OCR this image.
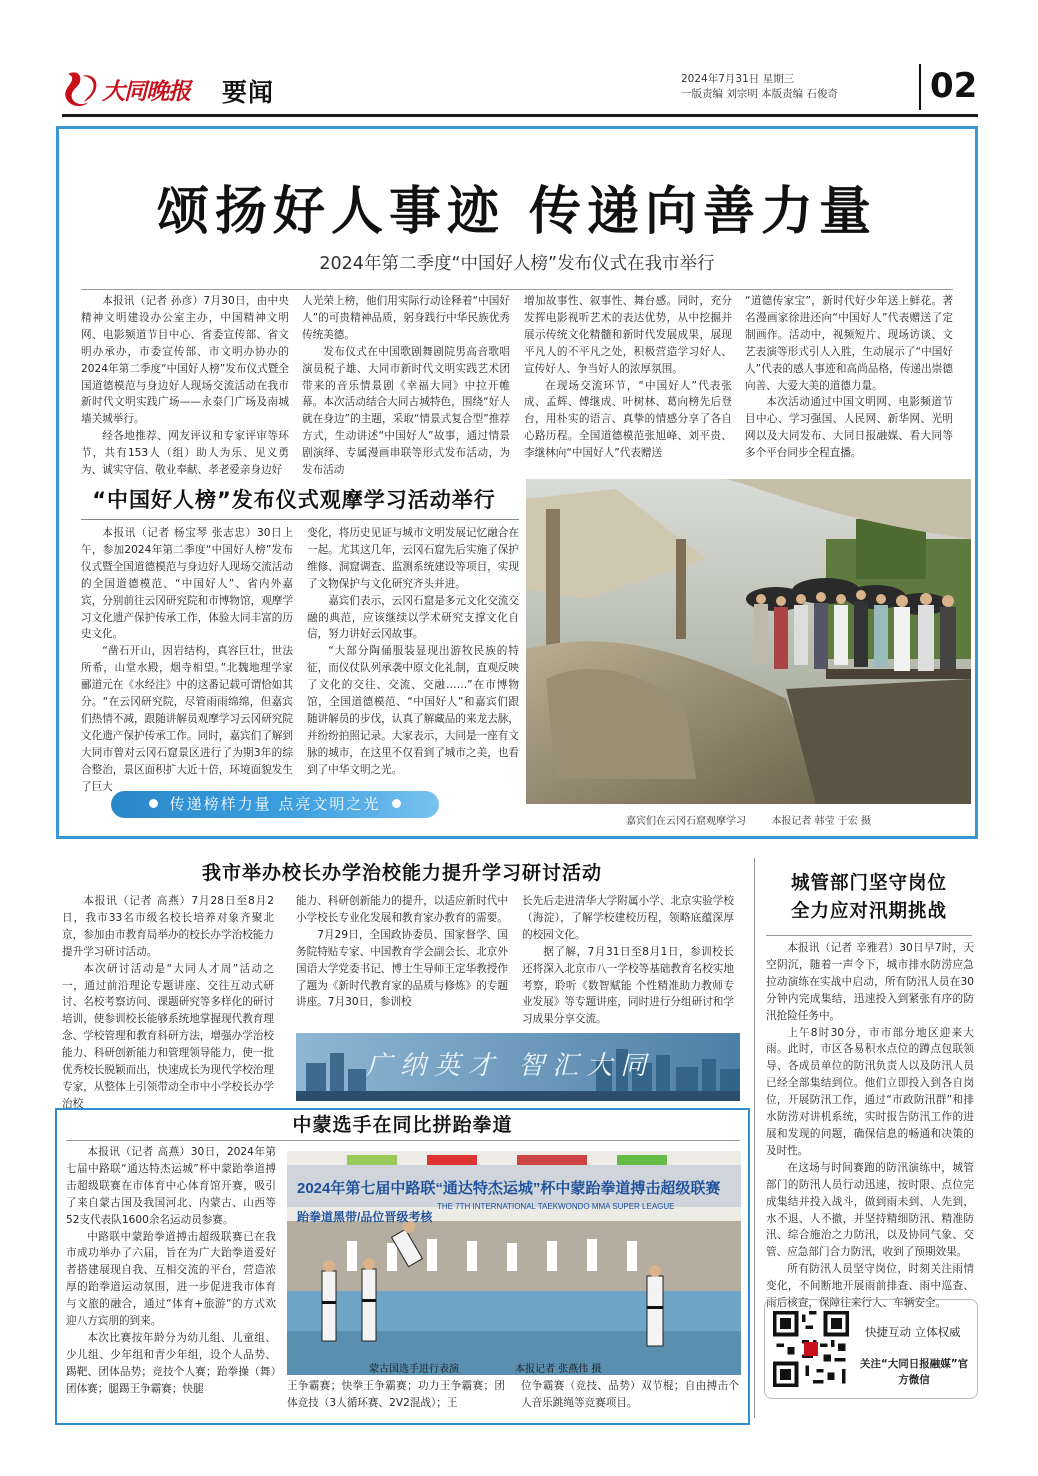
大同晚报 要闻	2024年7月31日 星期三
一版责编 刘宗明 本版责编 石俊奇	02
颂扬好人事迹 传递向善力量
2024年第二季度“中国好人榜”发布仪式在我市举行

本报讯（记者 孙彦）7月30日，由中央精神文明建设办公室主办，中国精神文明网、电影频道节目中心、省委宣传部、省文明办承办，市委宣传部、市文明办协办的2024年第二季度“中国好人榜”发布仪式暨全国道德模范与身边好人现场交流活动在我市新时代文明实践广场——永泰门广场及南城墙关城举行。

经各地推荐、网友评议和专家评审等环节，共有153人（组）助人为乐、见义勇为、诚实守信、敬业奉献、孝老爱亲身边好

人光荣上榜，他们用实际行动诠释着“中国好人”的可贵精神品质，躬身践行中华民族优秀传统美德。

发布仪式在中国歌剧舞剧院男高音歌唱演员税子雄、大同市新时代文明实践艺术团带来的音乐情景剧《幸福大同》中拉开帷幕。本次活动结合大同古城特色，围绕“好人就在身边”的主题，采取“情景式复合型”推荐方式，生动讲述“中国好人”故事，通过情景剧演绎、专属漫画串联等形式发布活动，为发布活动

增加故事性、叙事性、舞台感。同时，充分发挥电影视听艺术的表达优势，从中挖掘并展示传统文化精髓和新时代发展成果，展现平凡人的不平凡之处，积极营造学习好人、宣传好人、争当好人的浓厚氛围。

在现场交流环节，“中国好人”代表张成、孟辉、傅继成、叶树林、葛向榜先后登台，用朴实的语言、真挚的情感分享了各自心路历程。全国道德模范张旭峰、刘平贵、李继林向“中国好人”代表赠送

“道德传家宝”，新时代好少年送上鲜花。著名漫画家徐进还向“中国好人”代表赠送了定制画作。活动中，视频短片、现场访谈、文艺表演等形式引人入胜，生动展示了“中国好人”代表的感人事迹和高尚品格，传递出崇德向善、大爱大美的道德力量。

本次活动通过中国文明网、电影频道节目中心、学习强国、人民网、新华网、光明网以及大同发布、大同日报融媒、看大同等多个平台同步全程直播。

“中国好人榜”发布仪式观摩学习活动举行

本报讯（记者 杨宝琴 张志忠）30日上午，参加2024年第二季度“中国好人榜”发布仪式暨全国道德模范与身边好人现场交流活动的全国道德模范、“中国好人”、省内外嘉宾，分别前往云冈研究院和市博物馆，观摩学习文化遗产保护传承工作，体验大同丰富的历史文化。

“凿石开山，因岩结构，真容巨壮，世法所希，山堂水殿，烟寺相望。”北魏地理学家郦道元在《水经注》中的这番记载可谓恰如其分。“在云冈研究院，尽管雨雨绵绵，但嘉宾们热情不减，跟随讲解员观摩学习云冈研究院文化遗产保护传承工作。同时，嘉宾们了解到大同市曾对云冈石窟景区进行了为期3年的综合整治，景区面积扩大近十倍，环境面貌发生了巨大

变化，将历史见证与城市文明发展记忆融合在一起。尤其这几年，云冈石窟先后实施了保护维修、洞窟调查、监测系统建设等项目，实现了文物保护与文化研究齐头并进。

嘉宾们表示，云冈石窟是多元文化交流交融的典范，应该继续以学术研究支撑文化自信，努力讲好云冈故事。

“大部分陶俑服装显现出游牧民族的特征，而仪仗队列承袭中原文化礼制，直观反映了文化的交往、交流、交融……”在市博物馆，全国道德模范、“中国好人”和嘉宾们跟随讲解员的步伐，认真了解藏品的来龙去脉，并纷纷拍照记录。大家表示，大同是一座有文脉的城市，在这里不仅看到了城市之美，也看到了中华文明之光。

传递榜样力量 点亮文明之光
嘉宾们在云冈石窟观摩学习	本报记者 韩莹 于宏 摄
我市举办校长办学治校能力提升学习研讨活动

本报讯（记者 高燕）7月28日至8月2日，我市33名市级名校长培养对象齐聚北京，参加由市教育局举办的校长办学治校能力提升学习研讨活动。

本次研讨活动是“大同人才周”活动之一，通过前沿理论专题讲座、交往互动式研讨、名校考察访问、课题研究等多样化的研讨培训，使参训校长能够系统地掌握现代教育理念、学校管理和教育科研方法，增强办学治校能力、科研创新能力和管理领导能力，使一批优秀校长脱颖而出，快速成长为现代学校治理专家，从整体上引领带动全市中小学校长办学治校

能力、科研创新能力的提升，以适应新时代中小学校长专业化发展和教育家办教育的需要。

7月29日，全国政协委员、国家督学、国务院特贴专家、中国教育学会副会长、北京外国语大学党委书记、博士生导师王定华教授作了题为《新时代教育家的品质与修炼》的专题讲座。7月30日，参训校

长先后走进清华大学附属小学、北京实验学校（海淀），了解学校建校历程，领略底蕴深厚的校园文化。

据了解，7月31日至8月1日，参训校长还将深入北京市八一学校等基础教育名校实地考察，聆听《数智赋能 个性精准助力教师专业发展》等专题讲座，同时进行分组研讨和学习成果分享交流。

广纳英才 智汇大同
城管部门坚守岗位
全力应对汛期挑战

本报讯（记者 辛雅君）30日早7时，天空阴沉，随着一声令下，城市排水防涝应急拉动演练在实战中启动，所有防汛人员在30分钟内完成集结，迅速投入到紧张有序的防汛抢险任务中。

上午8时30分，市市部分地区迎来大雨。此时，市区各易积水点位的蹲点包联领导、各成员单位的防汛负责人以及防汛人员已经全部集结到位。他们立即投入到各自岗位，开展防汛工作，通过“市政防汛群”和排水防涝对讲机系统，实时报告防汛工作的进展和发现的问题，确保信息的畅通和决策的及时性。

在这场与时间赛跑的防汛演练中，城管部门的防汛人员行动迅速，按时限、点位完成集结并投入战斗，做到雨未到、人先到，水不退、人不撤，并坚持精细防汛、精准防汛、综合施治之力防汛，以及协同气象、交管、应急部门合力防汛，收到了预期效果。

所有防汛人员坚守岗位，时刻关注雨情变化，不间断地开展雨前排查、雨中巡查、雨后核查，保障往来行人、车辆安全。

快捷互动 立体权威
关注“大同日报融媒”官方微信
中蒙选手在同比拼跆拳道

本报讯（记者 高燕）30日，2024年第七届中路联“通达特杰运城”杯中蒙跆拳道搏击超级联赛在市体育中心体育馆开赛，吸引了来自蒙古国及我国河北、内蒙古、山西等52支代表队1600余名运动员参赛。

中路联中蒙跆拳道搏击超级联赛已在我市成功举办了六届，旨在为广大跆拳道爱好者搭建展现自我、互相交流的平台，营造浓厚的跆拳道运动氛围，进一步促进我市体育与文旅的融合，通过“体育+旅游”的方式欢迎八方宾朋的到来。

本次比赛按年龄分为幼儿组、儿童组、少儿组、少年组和青少年组，设个人品势、踢靶、团体品势；竞技个人赛；跆拳操（舞）团体赛；腿踢王争霸赛；快腿

2024年第七届中路联“通达特杰运城”杯中蒙跆拳道搏击超级联赛
THE 7TH INTERNATIONAL TAEKWONDO MMA SUPER LEAGUE
跆拳道黑带/品位晋级考核
蒙古国选手进行表演	本报记者 张燕伟 摄

王争霸赛；快拳王争霸赛；功力王争霸赛；团体竞技（3人循环赛、2V2混战）；王

位争霸赛（竞技、品势）双节棍；自由搏击个人音乐跳绳等竞赛项目。
